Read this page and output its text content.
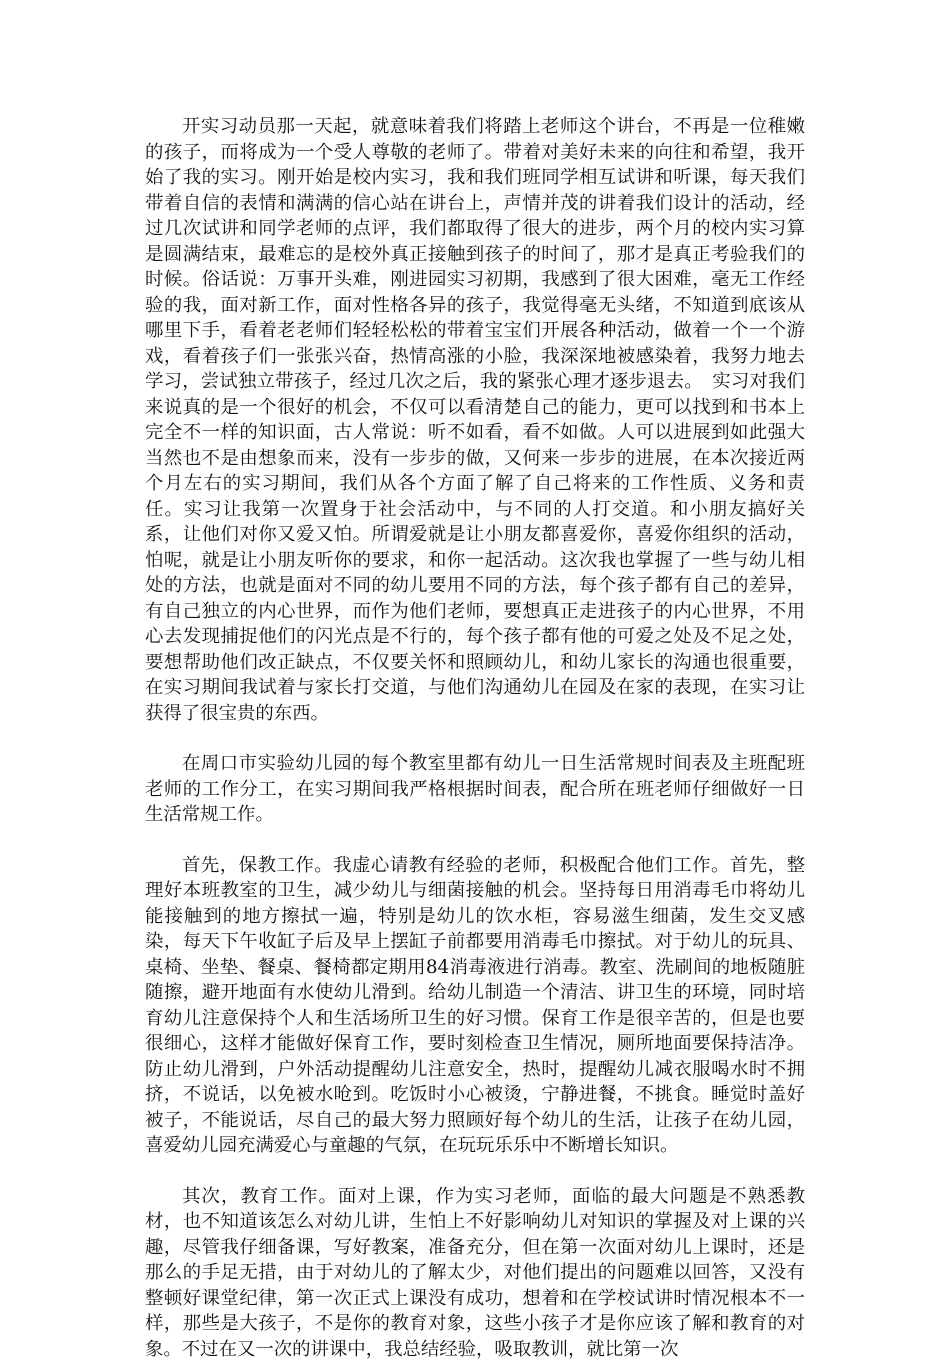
开实习动员那一天起，就意味着我们将踏上老师这个讲台，不再是一位稚嫩的孩子，而将成为一个受人尊敬的老师了。带着对美好未来的向往和希望，我开始了我的实习。刚开始是校内实习，我和我们班同学相互试讲和听课，每天我们带着自信的表情和满满的信心站在讲台上，声情并茂的讲着我们设计的活动，经过几次试讲和同学老师的点评，我们都取得了很大的进步，两个月的校内实习算是圆满结束，最难忘的是校外真正接触到孩子的时间了，那才是真正考验我们的时候。俗话说：万事开头难，刚进园实习初期，我感到了很大困难，毫无工作经验的我，面对新工作，面对性格各异的孩子，我觉得毫无头绪，不知道到底该从哪里下手，看着老老师们轻轻松松的带着宝宝们开展各种活动，做着一个一个游戏，看着孩子们一张张兴奋，热情高涨的小脸，我深深地被感染着，我努力地去学习，尝试独立带孩子，经过几次之后，我的紧张心理才逐步退去。　实习对我们来说真的是一个很好的机会，不仅可以看清楚自己的能力，更可以找到和书本上完全不一样的知识面，古人常说：听不如看，看不如做。人可以进展到如此强大当然也不是由想象而来，没有一步步的做，又何来一步步的进展，在本次接近两个月左右的实习期间，我们从各个方面了解了自己将来的工作性质、义务和责任。实习让我第一次置身于社会活动中，与不同的人打交道。和小朋友搞好关系，让他们对你又爱又怕。所谓爱就是让小朋友都喜爱你，喜爱你组织的活动，怕呢，就是让小朋友听你的要求，和你一起活动。这次我也掌握了一些与幼儿相处的方法，也就是面对不同的幼儿要用不同的方法，每个孩子都有自己的差异，有自己独立的内心世界，而作为他们老师，要想真正走进孩子的内心世界，不用心去发现捕捉他们的闪光点是不行的，每个孩子都有他的可爱之处及不足之处，要想帮助他们改正缺点，不仅要关怀和照顾幼儿，和幼儿家长的沟通也很重要，在实习期间我试着与家长打交道，与他们沟通幼儿在园及在家的表现，在实习让获得了很宝贵的东西。

在周口市实验幼儿园的每个教室里都有幼儿一日生活常规时间表及主班配班老师的工作分工，在实习期间我严格根据时间表，配合所在班老师仔细做好一日生活常规工作。

首先，保教工作。我虚心请教有经验的老师，积极配合他们工作。首先，整理好本班教室的卫生，减少幼儿与细菌接触的机会。坚持每日用消毒毛巾将幼儿能接触到的地方擦拭一遍，特别是幼儿的饮水柜，容易滋生细菌，发生交叉感染，每天下午收缸子后及早上摆缸子前都要用消毒毛巾擦拭。对于幼儿的玩具、桌椅、坐垫、餐桌、餐椅都定期用84消毒液进行消毒。教室、洗刷间的地板随脏随擦，避开地面有水使幼儿滑到。给幼儿制造一个清洁、讲卫生的环境，同时培育幼儿注意保持个人和生活场所卫生的好习惯。保育工作是很辛苦的，但是也要很细心，这样才能做好保育工作，要时刻检查卫生情况，厕所地面要保持洁净。防止幼儿滑到，户外活动提醒幼儿注意安全，热时，提醒幼儿减衣服喝水时不拥挤，不说话，以免被水呛到。吃饭时小心被烫，宁静进餐，不挑食。睡觉时盖好被子，不能说话，尽自己的最大努力照顾好每个幼儿的生活，让孩子在幼儿园，喜爱幼儿园充满爱心与童趣的气氛，在玩玩乐乐中不断增长知识。

其次，教育工作。面对上课，作为实习老师，面临的最大问题是不熟悉教材，也不知道该怎么对幼儿讲，生怕上不好影响幼儿对知识的掌握及对上课的兴趣，尽管我仔细备课，写好教案，准备充分，但在第一次面对幼儿上课时，还是那么的手足无措，由于对幼儿的了解太少，对他们提出的问题难以回答，又没有整顿好课堂纪律，第一次正式上课没有成功，想着和在学校试讲时情况根本不一样，那些是大孩子，不是你的教育对象，这些小孩子才是你应该了解和教育的对象。不过在又一次的讲课中，我总结经验，吸取教训，就比第一次
